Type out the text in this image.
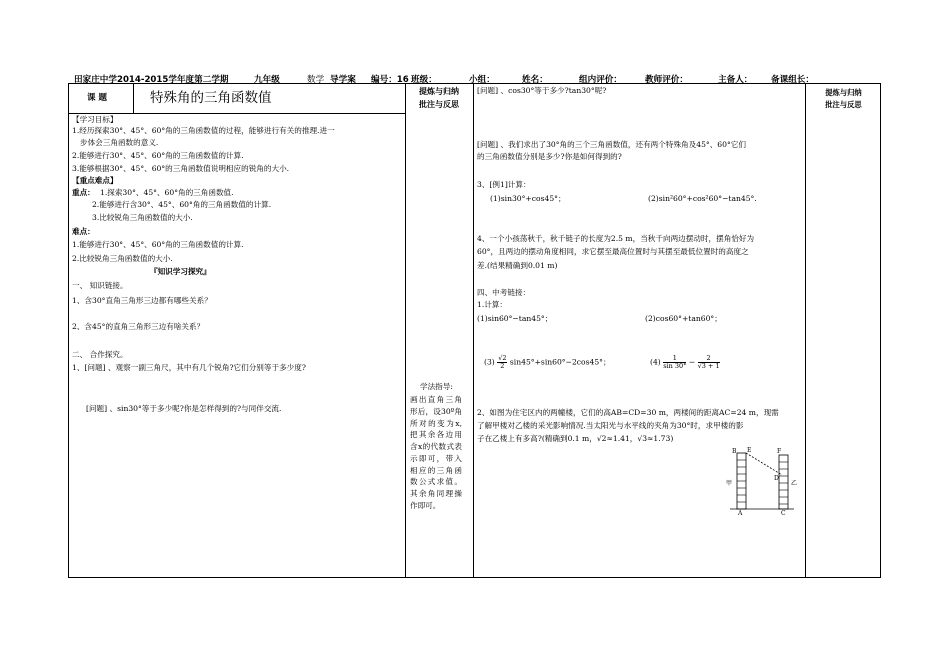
田家庄中学2014-2015学年度第二学期	九年级	数学 导学案 编号：16 班级：	小组：	姓名：	组内评价：	教师评价：	主备人： 备课组长：

课 题	特殊角的三角函数值
【学习目标】
1.经历探索30°、45°、60°角的三角函数值的过程，能够进行有关的推理.进一
步体会三角函数的意义.
2.能够进行30°、45°、60°角的三角函数值的计算.
3.能够根据30°、45°、60°的三角函数值说明相应的锐角的大小.
【重点难点】
重点： 1.探索30°、45°、60°角的三角函数值.
2.能够进行含30°、45°、60°角的三角函数值的计算.
3.比较锐角三角函数值的大小.
难点：
1.能够进行30°、45°、60°角的三角函数值的计算.
2.比较锐角三角函数值的大小.
『知识学习探究』
一、 知识链接。
1、含30°直角三角形三边都有哪些关系？
2、含45°的直角三角形三边有啥关系？
二、 合作探究。
1、[问题] 、观察一副三角尺，其中有几个锐角?它们分别等于多少度?
[问题] 、sin30°等于多少呢?你是怎样得到的?与同伴交流.
提炼与归纳
批注与反思
学法指导:
画出直角三角形后，设30º角所对的变为x,把其余各边用含x的代数式表示即可，带入相应的三角函数公式求值。其余角同理操作即可。
提炼与归纳
批注与反思
[问题] 、cos30°等于多少?tan30°呢?
[问题] 、我们求出了30°角的三个三角函数值，还有两个特殊角及45°、60°它们
的三角函数值分别是多少?你是如何得到的?
3、[例1]计算：
(1)sin30°+cos45°；	(2)sin²60°+cos²60°−tan45°.
4、一个小孩荡秋千，秋千链子的长度为2.5 m，当秋千向两边摆动时，摆角恰好为
60°，且两边的摆动角度相同，求它摆至最高位置时与其摆至最低位置时的高度之
差.(结果精确到0.01 m)
四、中考链接：
1.计算：
(1)sin60°−tan45°；	(2)cos60°+tan60°；
$(3) \frac{√2}{2} \sin 45^\circ+\sin 60^\circ-2\cos 45^\circ$；	$(4) \frac{1}{\sin 30^\circ} - \frac{2}{√3 + 1}$
2、如图为住宅区内的两幢楼，它们的高AB=CD=30 m，两楼间的距离AC=24 m，现需
了解甲楼对乙楼的采光影响情况.当太阳光与水平线的夹角为30°时，求甲楼的影
子在乙楼上有多高?(精确到0.1 m，√2≈1.41，√3≈1.73)
B E	F
甲	乙
A	C
D
